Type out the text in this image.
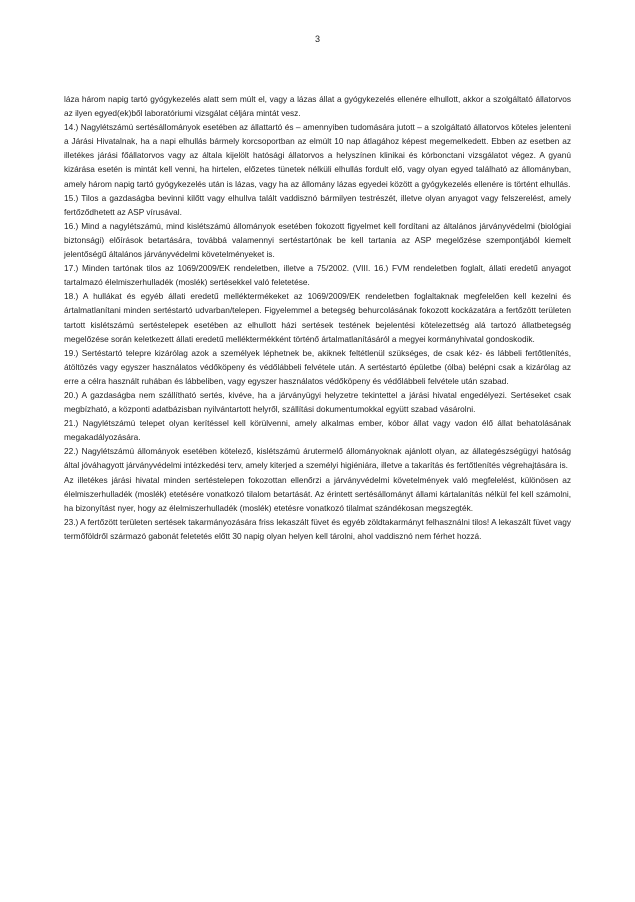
3

láza három napig tartó gyógykezelés alatt sem múlt el, vagy a lázas állat a gyógykezelés ellenére elhullott, akkor a szolgáltató állatorvos az ilyen egyed(ek)ből laboratóriumi vizsgálat céljára mintát vesz.

14.) Nagylétszámú sertésállományok esetében az állattartó és – amennyiben tudomására jutott – a szolgáltató állatorvos köteles jelenteni a Járási Hivatalnak, ha a napi elhullás bármely korcsoportban az elmúlt 10 nap átlagához képest megemelkedett. Ebben az esetben az illetékes járási főállatorvos vagy az általa kijelölt hatósági állatorvos a helyszínen klinikai és kórbonctani vizsgálatot végez. A gyanú kizárása esetén is mintát kell venni, ha hirtelen, előzetes tünetek nélküli elhullás fordult elő, vagy olyan egyed található az állományban, amely három napig tartó gyógykezelés után is lázas, vagy ha az állomány lázas egyedei között a gyógykezelés ellenére is történt elhullás.

15.) Tilos a gazdaságba bevinni kilőtt vagy elhullva talált vaddisznó bármilyen testrészét, illetve olyan anyagot vagy felszerelést, amely fertőződhetett az ASP vírusával.

16.) Mind a nagylétszámú, mind kislétszámú állományok esetében fokozott figyelmet kell fordítani az általános járványvédelmi (biológiai biztonsági) előírások betartására, továbbá valamennyi sertéstartónak be kell tartania az ASP megelőzése szempontjából kiemelt jelentőségű általános járványvédelmi követelményeket is.

17.) Minden tartónak tilos az 1069/2009/EK rendeletben, illetve a 75/2002. (VIII. 16.) FVM rendeletben foglalt, állati eredetű anyagot tartalmazó élelmiszerhulladék (moslék) sertésekkel való feletetése.

18.) A hullákat és egyéb állati eredetű melléktermékeket az 1069/2009/EK rendeletben foglaltaknak megfelelően kell kezelni és ártalmatlanítani minden sertéstartó udvarban/telepen. Figyelemmel a betegség behurcolásának fokozott kockázatára a fertőzött területen tartott kislétszámú sertéstelepek esetében az elhullott házi sertések testének bejelentési kötelezettség alá tartozó állatbetegség megelőzése során keletkezett állati eredetű melléktermékként történő ártalmatlanításáról a megyei kormányhivatal gondoskodik.

19.) Sertéstartó telepre kizárólag azok a személyek léphetnek be, akiknek feltétlenül szükséges, de csak kéz- és lábbeli fertőtlenítés, átöltözés vagy egyszer használatos védőköpeny és védőlábbeli felvétele után. A sertéstartó épületbe (ólba) belépni csak a kizárólag az erre a célra használt ruhában és lábbeliben, vagy egyszer használatos védőköpeny és védőlábbeli felvétele után szabad.

20.) A gazdaságba nem szállítható sertés, kivéve, ha a járványügyi helyzetre tekintettel a járási hivatal engedélyezi. Sertéseket csak megbízható, a központi adatbázisban nyilvántartott helyről, szállítási dokumentumokkal együtt szabad vásárolni.

21.) Nagylétszámú telepet olyan kerítéssel kell körülvenni, amely alkalmas ember, kóbor állat vagy vadon élő állat behatolásának megakadályozására.

22.) Nagylétszámú állományok esetében kötelező, kislétszámú árutermelő állományoknak ajánlott olyan, az állategészségügyi hatóság által jóváhagyott járványvédelmi intézkedési terv, amely kiterjed a személyi higiéniára, illetve a takarítás és fertőtlenítés végrehajtására is.

Az illetékes járási hivatal minden sertéstelepen fokozottan ellenőrzi a járványvédelmi követelmények való megfelelést, különösen az élelmiszerhulladék (moslék) etetésére vonatkozó tilalom betartását. Az érintett sertésállományt állami kártalanítás nélkül fel kell számolni, ha bizonyítást nyer, hogy az élelmiszerhulladék (moslék) etetésre vonatkozó tilalmat szándékosan megszegték.

23.) A fertőzött területen sertések takarmányozására friss lekaszált füvet és egyéb zöldtakarmányt felhasználni tilos! A lekaszált füvet vagy termőföldről származó gabonát feletetés előtt 30 napig olyan helyen kell tárolni, ahol vaddisznó nem férhet hozzá.
